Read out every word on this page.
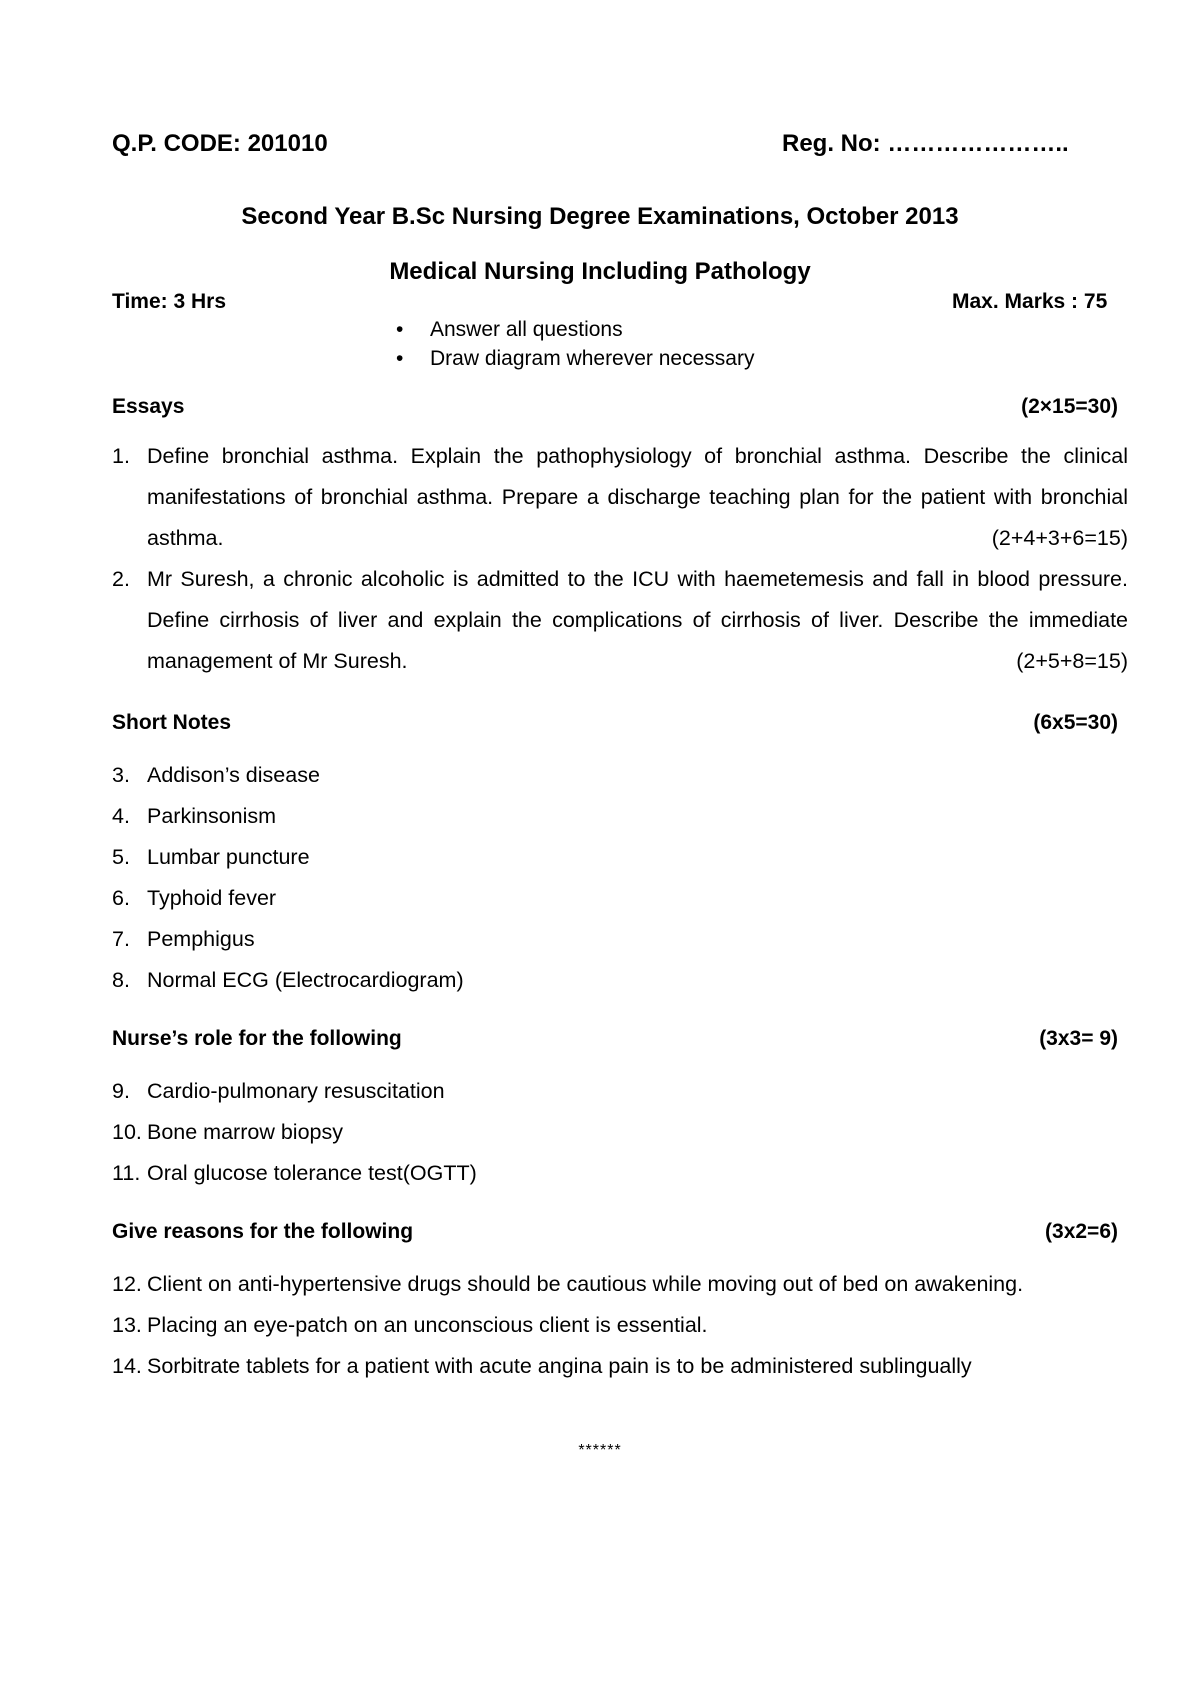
Q.P. CODE: 201010	Reg. No: …………………..
Second Year B.Sc Nursing Degree Examinations, October 2013
Medical Nursing Including Pathology
Time: 3 Hrs	Max. Marks : 75
• Answer all questions
• Draw diagram wherever necessary
Essays	(2×15=30)
1. Define bronchial asthma. Explain the pathophysiology of bronchial asthma. Describe the clinical manifestations of bronchial asthma. Prepare a discharge teaching plan for the patient with bronchial asthma.	(2+4+3+6=15)
2. Mr Suresh, a chronic alcoholic is admitted to the ICU with haemetemesis and fall in blood pressure. Define cirrhosis of liver and explain the complications of cirrhosis of liver. Describe the immediate management of Mr Suresh.	(2+5+8=15)
Short Notes	(6x5=30)
3. Addison’s disease
4. Parkinsonism
5. Lumbar puncture
6. Typhoid fever
7. Pemphigus
8. Normal ECG (Electrocardiogram)
Nurse’s role for the following	(3x3= 9)
9. Cardio-pulmonary resuscitation
10. Bone marrow biopsy
11. Oral glucose tolerance test(OGTT)
Give reasons for the following	(3x2=6)
12. Client on anti-hypertensive drugs should be cautious while moving out of bed on awakening.
13. Placing an eye-patch on an unconscious client is essential.
14. Sorbitrate tablets for a patient with acute angina pain is to be administered sublingually
******
